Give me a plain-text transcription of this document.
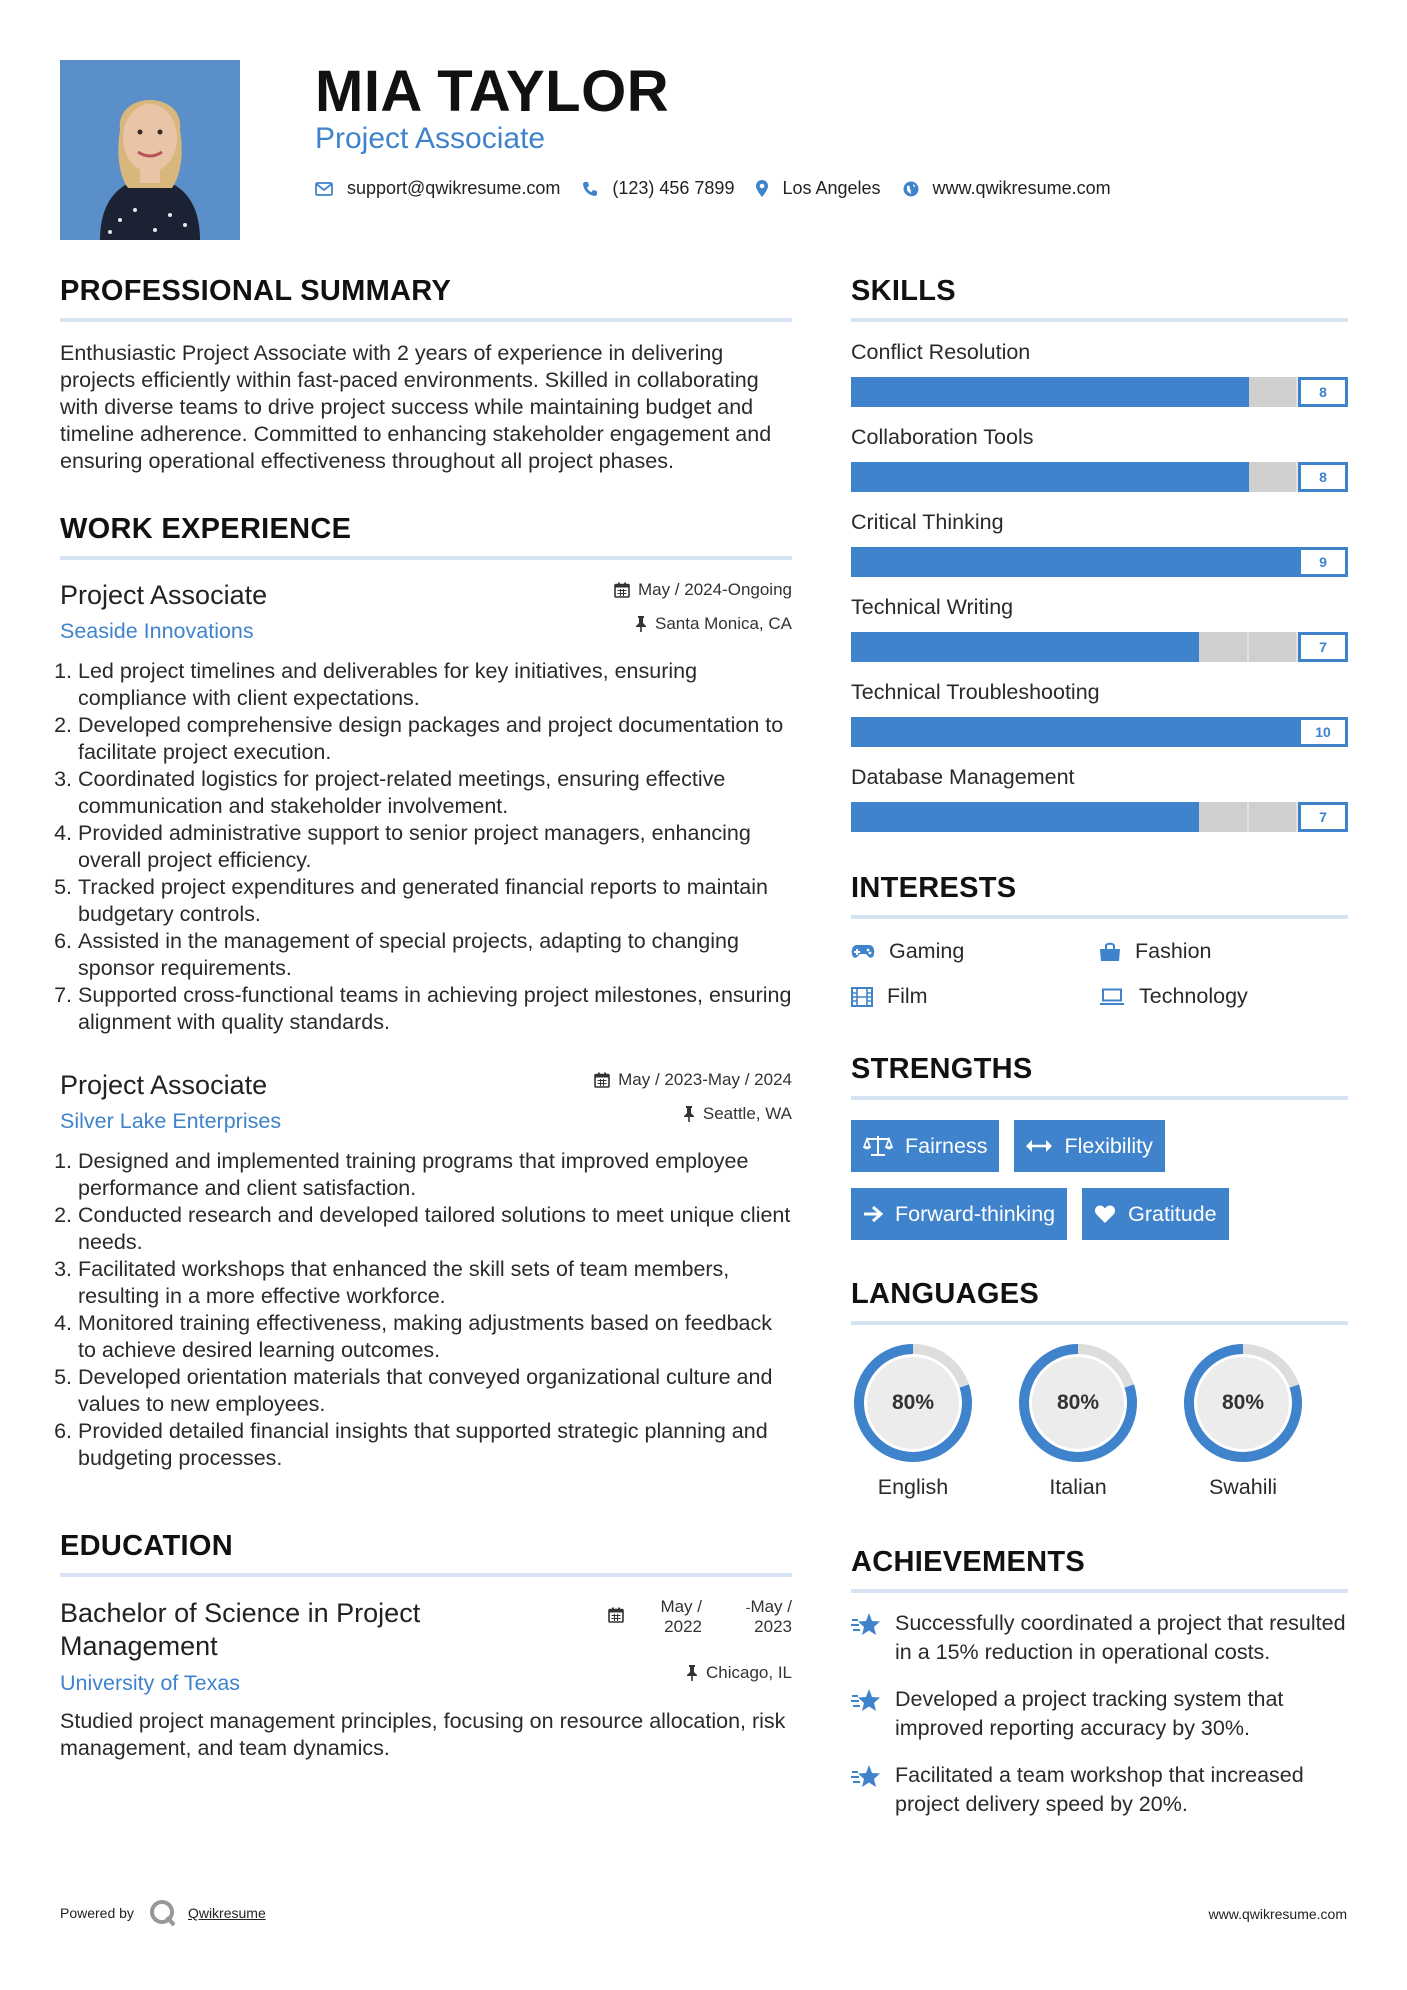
MIA TAYLOR
Project Associate
support@qwikresume.com	(123) 456 7899	Los Angeles	www.qwikresume.com
PROFESSIONAL SUMMARY

Enthusiastic Project Associate with 2 years of experience in delivering projects efficiently within fast-paced environments. Skilled in collaborating with diverse teams to drive project success while maintaining budget and timeline adherence. Committed to enhancing stakeholder engagement and ensuring operational effectiveness throughout all project phases.

WORK EXPERIENCE
Project Associate
Seaside Innovations
May / 2024-Ongoing
Santa Monica, CA
1. Led project timelines and deliverables for key initiatives, ensuring compliance with client expectations.
2. Developed comprehensive design packages and project documentation to facilitate project execution.
3. Coordinated logistics for project-related meetings, ensuring effective communication and stakeholder involvement.
4. Provided administrative support to senior project managers, enhancing overall project efficiency.
5. Tracked project expenditures and generated financial reports to maintain budgetary controls.
6. Assisted in the management of special projects, adapting to changing sponsor requirements.
7. Supported cross-functional teams in achieving project milestones, ensuring alignment with quality standards.
Project Associate
Silver Lake Enterprises
May / 2023-May / 2024
Seattle, WA
1. Designed and implemented training programs that improved employee performance and client satisfaction.
2. Conducted research and developed tailored solutions to meet unique client needs.
3. Facilitated workshops that enhanced the skill sets of team members, resulting in a more effective workforce.
4. Monitored training effectiveness, making adjustments based on feedback to achieve desired learning outcomes.
5. Developed orientation materials that conveyed organizational culture and values to new employees.
6. Provided detailed financial insights that supported strategic planning and budgeting processes.
EDUCATION
Bachelor of Science in Project Management
University of Texas
May /
2022
-May /
2023
Chicago, IL

Studied project management principles, focusing on resource allocation, risk management, and team dynamics.

SKILLS
Conflict Resolution
8
Collaboration Tools
8
Critical Thinking
9
Technical Writing
7
Technical Troubleshooting
10
Database Management
7
INTERESTS
Gaming	Fashion
Film	Technology
STRENGTHS
Fairness	Flexibility
Forward-thinking	Gratitude
LANGUAGES
80%
English
80%
Italian
80%
Swahili
ACHIEVEMENTS
Successfully coordinated a project that resulted in a 15% reduction in operational costs.
Developed a project tracking system that improved reporting accuracy by 30%.
Facilitated a team workshop that increased project delivery speed by 20%.
Powered by	Qwikresume	www.qwikresume.com
